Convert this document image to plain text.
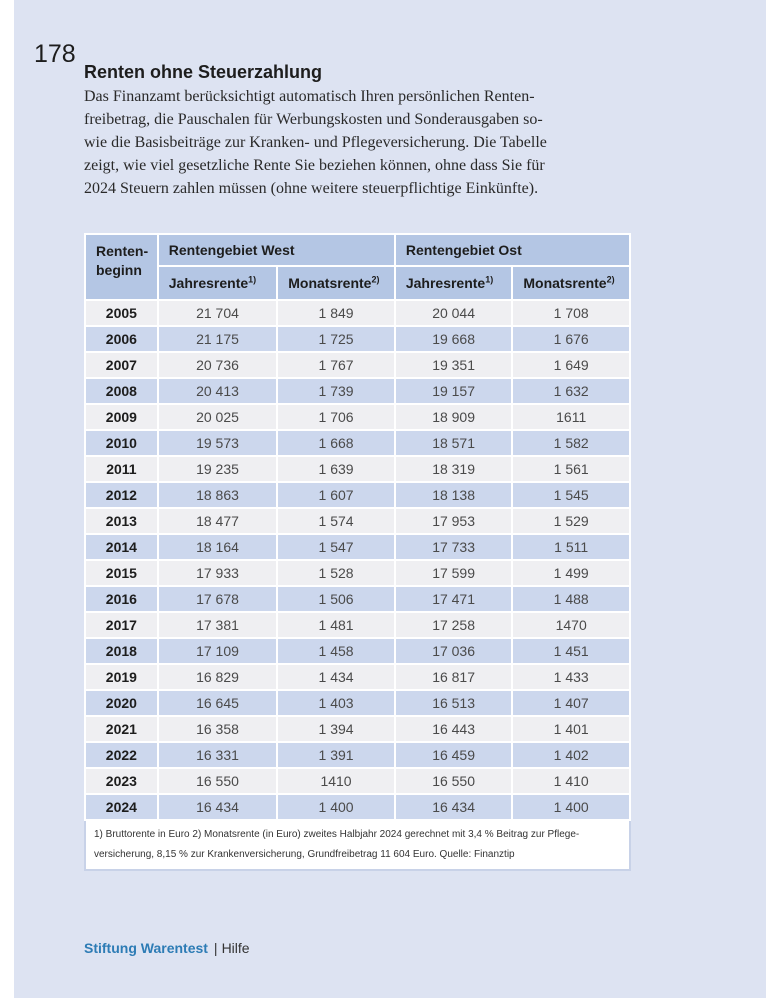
178
Renten ohne Steuerzahlung
Das Finanzamt berücksichtigt automatisch Ihren persönlichen Renten-
freibetrag, die Pauschalen für Werbungskosten und Sonderausgaben so-
wie die Basisbeiträge zur Kranken- und Pflegeversicherung. Die Tabelle
zeigt, wie viel gesetzliche Rente Sie beziehen können, ohne dass Sie für
2024 Steuern zahlen müssen (ohne weitere steuerpflichtige Einkünfte).
Renten-
beginn	Rentengebiet West		Rentengebiet Ost	
	Jahresrente$^{1)}$	Monatsrente$^{2)}$	Jahresrente$^{1)}$	Monatsrente$^{2)}$
2005	21 704	1 849	20 044	1 708
2006	21 175	1 725	19 668	1 676
2007	20 736	1 767	19 351	1 649
2008	20 413	1 739	19 157	1 632
2009	20 025	1 706	18 909	1611
2010	19 573	1 668	18 571	1 582
2011	19 235	1 639	18 319	1 561
2012	18 863	1 607	18 138	1 545
2013	18 477	1 574	17 953	1 529
2014	18 164	1 547	17 733	1 511
2015	17 933	1 528	17 599	1 499
2016	17 678	1 506	17 471	1 488
2017	17 381	1 481	17 258	1470
2018	17 109	1 458	17 036	1 451
2019	16 829	1 434	16 817	1 433
2020	16 645	1 403	16 513	1 407
2021	16 358	1 394	16 443	1 401
2022	16 331	1 391	16 459	1 402
2023	16 550	1410	16 550	1 410
2024	16 434	1 400	16 434	1 400
1) Bruttorente in Euro 2) Monatsrente (in Euro) zweites Halbjahr 2024 gerechnet mit 3,4 % Beitrag zur Pflege-
versicherung, 8,15 % zur Krankenversicherung, Grundfreibetrag 11 604 Euro. Quelle: Finanztip				
Stiftung Warentest | Hilfe
